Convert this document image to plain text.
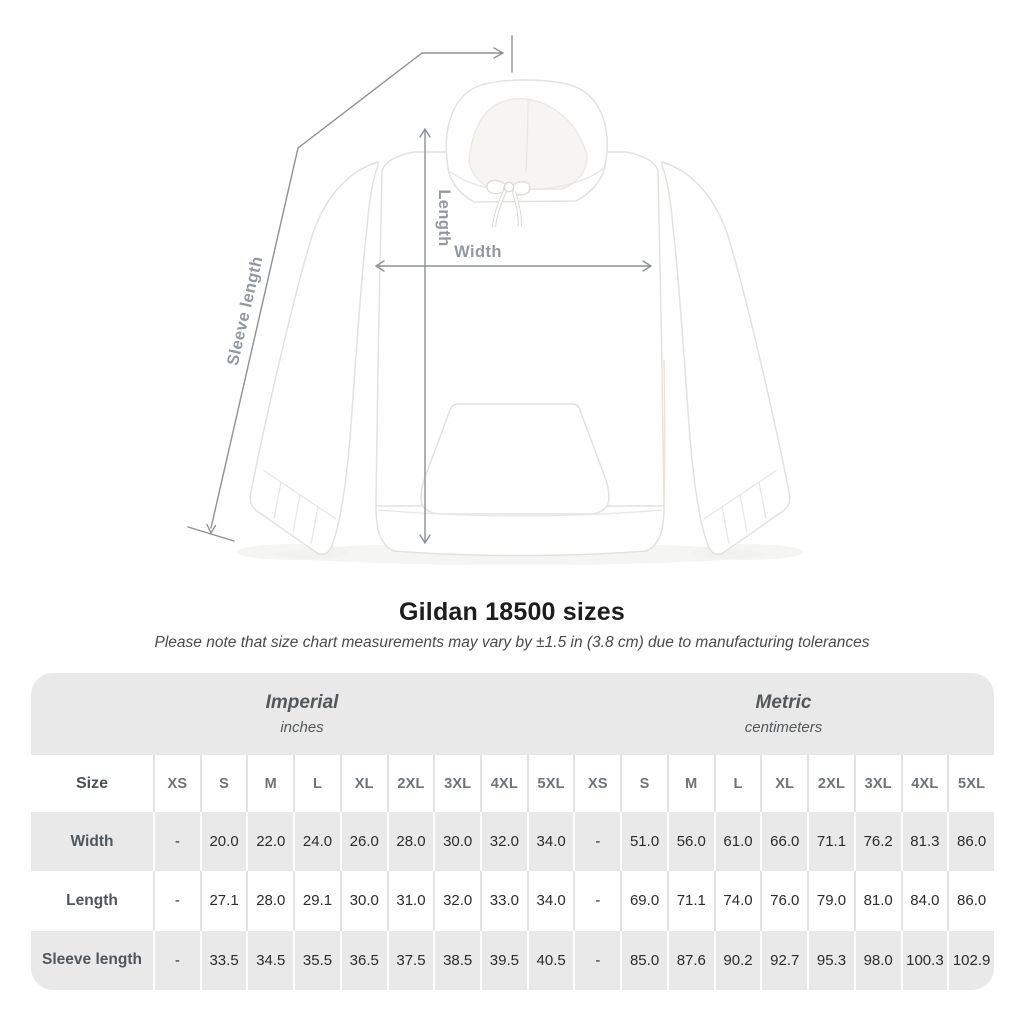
Sleeve length
Length
Width
Gildan 18500 sizes
Please note that size chart measurements may vary by ±1.5 in (3.8 cm) due to manufacturing tolerances
Imperial
inches
Metric
centimeters
Size	XS	S	M	L	XL	2XL	3XL	4XL	5XL	XS	S	M	L	XL	2XL	3XL	4XL	5XL
Width	-	20.0	22.0	24.0	26.0	28.0	30.0	32.0	34.0	-	51.0	56.0	61.0	66.0	71.1	76.2	81.3	86.0
Length	-	27.1	28.0	29.1	30.0	31.0	32.0	33.0	34.0	-	69.0	71.1	74.0	76.0	79.0	81.0	84.0	86.0
Sleeve length	-	33.5	34.5	35.5	36.5	37.5	38.5	39.5	40.5	-	85.0	87.6	90.2	92.7	95.3	98.0 100.3 102.9
